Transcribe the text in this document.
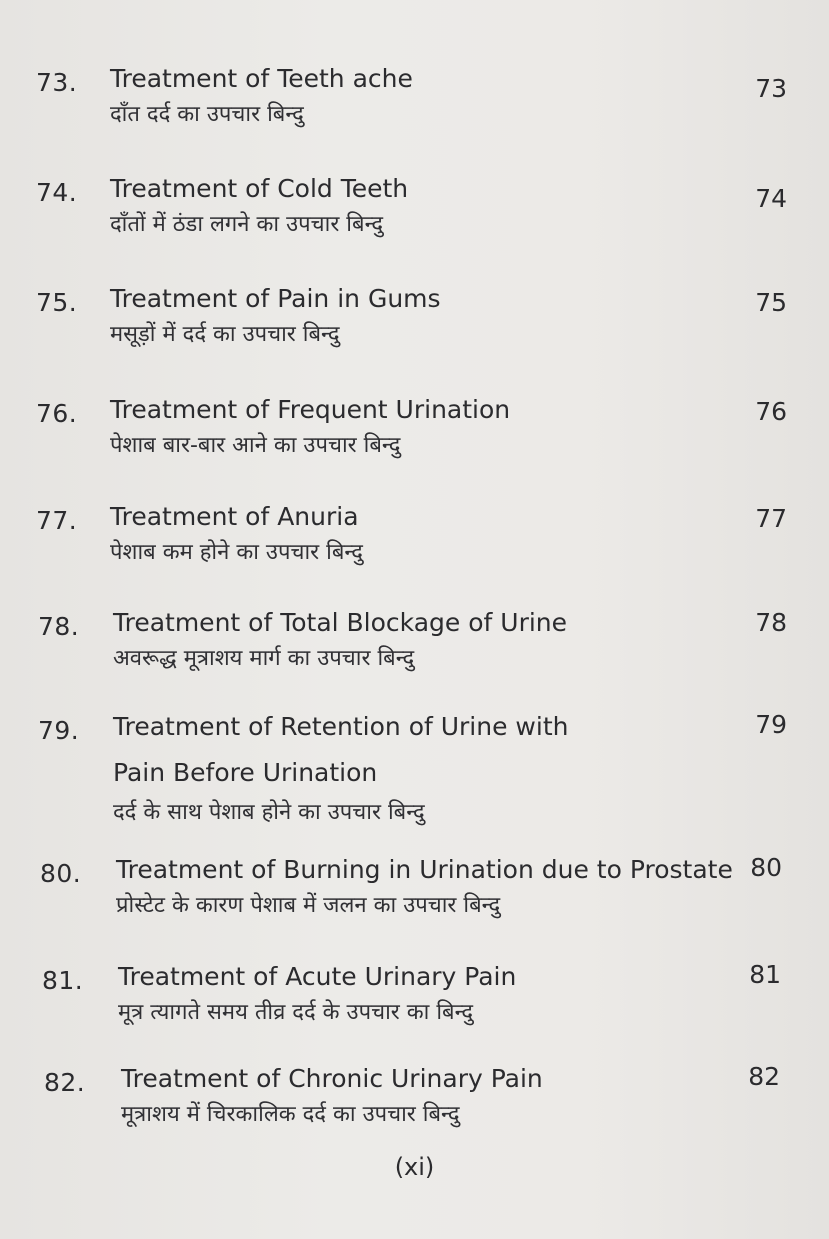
73. Treatment of Teeth ache
दाँत दर्द का उपचार बिन्दु
73
74. Treatment of Cold Teeth
दाँतों में ठंडा लगने का उपचार बिन्दु
74
75. Treatment of Pain in Gums
मसूड़ों में दर्द का उपचार बिन्दु
75
76. Treatment of Frequent Urination
पेशाब बार-बार आने का उपचार बिन्दु
76
77. Treatment of Anuria
पेशाब कम होने का उपचार बिन्दु
77
78. Treatment of Total Blockage of Urine
अवरूद्ध मूत्राशय मार्ग का उपचार बिन्दु
78
79. Treatment of Retention of Urine with
Pain Before Urination
दर्द के साथ पेशाब होने का उपचार बिन्दु
79
80. Treatment of Burning in Urination due to Prostate
प्रोस्टेट के कारण पेशाब में जलन का उपचार बिन्दु
80
81. Treatment of Acute Urinary Pain
मूत्र त्यागते समय तीव्र दर्द के उपचार का बिन्दु
81
82. Treatment of Chronic Urinary Pain
मूत्राशय में चिरकालिक दर्द का उपचार बिन्दु
82
(xi)
